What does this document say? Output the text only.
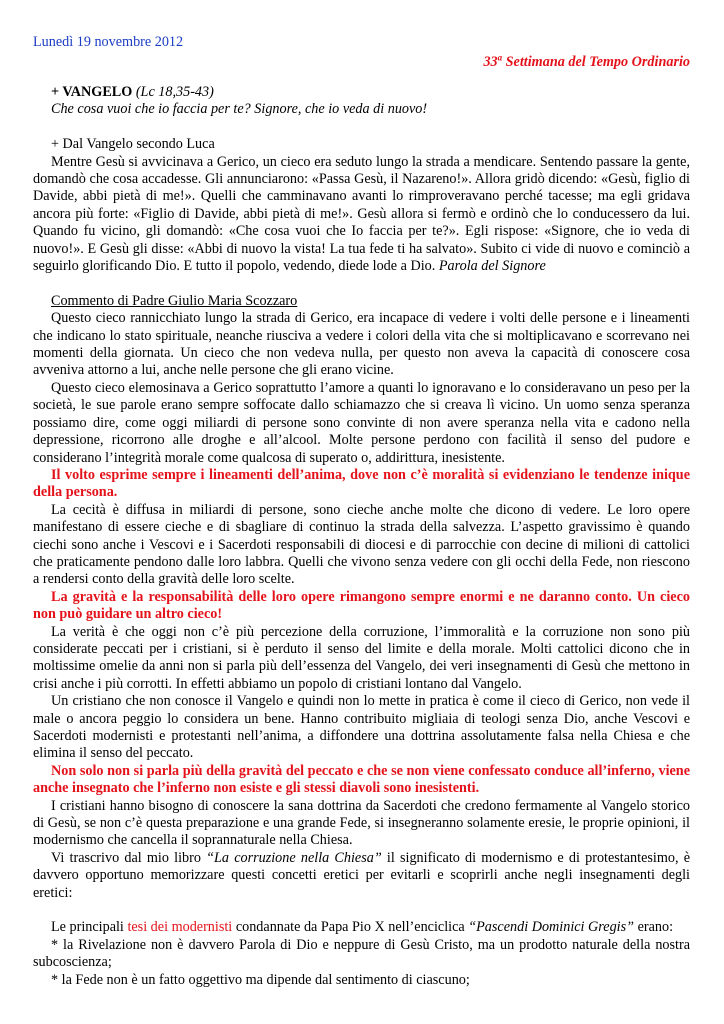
Lunedì 19 novembre 2012
33$^a$ Settimana del Tempo Ordinario

+ VANGELO (Lc 18,35-43)

Che cosa vuoi che io faccia per te? Signore, che io veda di nuovo!

+ Dal Vangelo secondo Luca

Mentre Gesù si avvicinava a Gerico, un cieco era seduto lungo la strada a mendicare. Sentendo passare la gente, domandò che cosa accadesse. Gli annunciarono: «Passa Gesù, il Nazareno!». Allora gridò dicendo: «Gesù, figlio di Davide, abbi pietà di me!». Quelli che camminavano avanti lo rimproveravano perché tacesse; ma egli gridava ancora più forte: «Figlio di Davide, abbi pietà di me!». Gesù allora si fermò e ordinò che lo conducessero da lui. Quando fu vicino, gli domandò: «Che cosa vuoi che Io faccia per te?». Egli rispose: «Signore, che io veda di nuovo!». E Gesù gli disse: «Abbi di nuovo la vista! La tua fede ti ha salvato». Subito ci vide di nuovo e cominciò a seguirlo glorificando Dio. E tutto il popolo, vedendo, diede lode a Dio. Parola del Signore

Commento di Padre Giulio Maria Scozzaro

Questo cieco rannicchiato lungo la strada di Gerico, era incapace di vedere i volti delle persone e i lineamenti che indicano lo stato spirituale, neanche riusciva a vedere i colori della vita che si moltiplicavano e scorrevano nei momenti della giornata. Un cieco che non vedeva nulla, per questo non aveva la capacità di conoscere cosa avveniva attorno a lui, anche nelle persone che gli erano vicine.

Questo cieco elemosinava a Gerico soprattutto l’amore a quanti lo ignoravano e lo consideravano un peso per la società, le sue parole erano sempre soffocate dallo schiamazzo che si creava lì vicino. Un uomo senza speranza possiamo dire, come oggi miliardi di persone sono convinte di non avere speranza nella vita e cadono nella depressione, ricorrono alle droghe e all’alcool. Molte persone perdono con facilità il senso del pudore e considerano l’integrità morale come qualcosa di superato o, addirittura, inesistente.

Il volto esprime sempre i lineamenti dell’anima, dove non c’è moralità si evidenziano le tendenze inique della persona.

La cecità è diffusa in miliardi di persone, sono cieche anche molte che dicono di vedere. Le loro opere manifestano di essere cieche e di sbagliare di continuo la strada della salvezza. L’aspetto gravissimo è quando ciechi sono anche i Vescovi e i Sacerdoti responsabili di diocesi e di parrocchie con decine di milioni di cattolici che praticamente pendono dalle loro labbra. Quelli che vivono senza vedere con gli occhi della Fede, non riescono a rendersi conto della gravità delle loro scelte.

La gravità e la responsabilità delle loro opere rimangono sempre enormi e ne daranno conto. Un cieco non può guidare un altro cieco!

La verità è che oggi non c’è più percezione della corruzione, l’immoralità e la corruzione non sono più considerate peccati per i cristiani, si è perduto il senso del limite e della morale. Molti cattolici dicono che in moltissime omelie da anni non si parla più dell’essenza del Vangelo, dei veri insegnamenti di Gesù che mettono in crisi anche i più corrotti. In effetti abbiamo un popolo di cristiani lontano dal Vangelo.

Un cristiano che non conosce il Vangelo e quindi non lo mette in pratica è come il cieco di Gerico, non vede il male o ancora peggio lo considera un bene. Hanno contribuito migliaia di teologi senza Dio, anche Vescovi e Sacerdoti modernisti e protestanti nell’anima, a diffondere una dottrina assolutamente falsa nella Chiesa e che elimina il senso del peccato.

Non solo non si parla più della gravità del peccato e che se non viene confessato conduce all’inferno, viene anche insegnato che l’inferno non esiste e gli stessi diavoli sono inesistenti.

I cristiani hanno bisogno di conoscere la sana dottrina da Sacerdoti che credono fermamente al Vangelo storico di Gesù, se non c’è questa preparazione e una grande Fede, si insegneranno solamente eresie, le proprie opinioni, il modernismo che cancella il soprannaturale nella Chiesa.

Vi trascrivo dal mio libro “La corruzione nella Chiesa” il significato di modernismo e di protestantesimo, è davvero opportuno memorizzare questi concetti eretici per evitarli e scoprirli anche negli insegnamenti degli eretici:

Le principali tesi dei modernisti condannate da Papa Pio X nell’enciclica “Pascendi Dominici Gregis” erano:

* la Rivelazione non è davvero Parola di Dio e neppure di Gesù Cristo, ma un prodotto naturale della nostra subcoscienza;

* la Fede non è un fatto oggettivo ma dipende dal sentimento di ciascuno;
